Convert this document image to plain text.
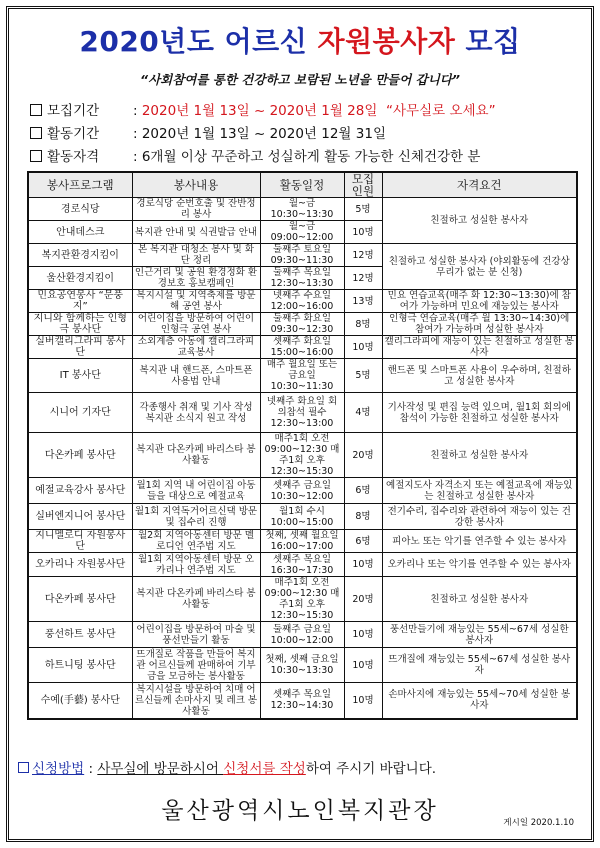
2020년도 어르신 자원봉사자 모집
“사회참여를 통한 건강하고 보람된 노년을 만들어 갑니다”
모집기간	: 2020년 1월 13일 ~ 2020년 1월 28일 “사무실로 오세요”
활동기간	: 2020년 1월 13일 ~ 2020년 12월 31일
활동자격	: 6개월 이상 꾸준하고 성실하게 활동 가능한 신체건강한 분
봉사프로그램	봉사내용	활동일정	모집인원	자격요건
경로식당	경로식당 순번호출 및 잔반정리 봉사	월~금 10:30~13:30	5명	친절하고 성실한 봉사자
안내데스크	복지관 안내 및 식권발급 안내	월~금 09:00~12:00	10명	
복지관환경지킴이	본 복지관 대청소 봉사 및 화단 정리	둘째주 토요일 09:30~11:30	12명	친절하고 성실한 봉사자 (야외활동에 건강상 무리가 없는 분 신청)
울산환경지킴이	인근거리 및 공원 환경정화 환경보호 홍보캠페인	둘째주 목요일 12:30~13:30	12명	
민요공연봉사 “문풍지”	복지시설 및 지역축제를 방문해 공연 봉사	넷째주 수요일 12:00~16:00	13명	민요 연습교육(매주 화 12:30~13:30)에 참여가 가능하며 민요에 재능있는 봉사자
지니와 함께하는 인형극 봉사단	어린이집을 방문하여 어린이 인형극 공연 봉사	둘째주 화요일 09:30~12:30	8명	인형극 연습교육(매주 월 13:30~14:30)에 참여가 가능하며 성실한 봉사자
실버캘리그라피 봉사단	소외계층 아동에 캘리그라피 교육봉사	셋째주 화요일 15:00~16:00	10명	캘리그라피에 재능이 있는 친절하고 성실한 봉사자
IT 봉사단	복지관 내 핸드폰, 스마트폰 사용법 안내	매주 월요일 또는 금요일 10:30~11:30	5명	핸드폰 및 스마트폰 사용이 우수하며, 친절하고 성실한 봉사자
시니어 기자단	각종행사 취재 및 기사 작성 복지관 소식지 원고 작성	넷째주 화요일 회의참석 필수 12:30~13:00	4명	기사작성 및 편집 능력 있으며, 월1회 회의에 참석이 가능한 친절하고 성실한 봉사자
다온카페 봉사단	복지관 다온카페 바리스타 봉사활동	매주1회 오전 09:00~12:30 매주1회 오후 12:30~15:30	20명	친절하고 성실한 봉사자
예절교육강사 봉사단	월1회 지역 내 어린이집 아동들을 대상으로 예절교육	셋째주 금요일 10:30~12:00	6명	예절지도사 자격소지 또는 예절교육에 재능있는 친절하고 성실한 봉사자
실버엔지니어 봉사단	월1회 지역독거어르신댁 방문 및 집수리 진행	월1회 수시 10:00~15:00	8명	전기수리, 집수리와 관련하여 재능이 있는 건강한 봉사자
지니멜로디 자원봉사단	월2회 지역아동센터 방문 멜로디언 연주법 지도	첫째, 셋째 월요일 16:00~17:00	6명	피아노 또는 악기를 연주할 수 있는 봉사자
오카리나 자원봉사단	월1회 지역아동센터 방문 오카리나 연주법 지도	셋째주 목요일 16:30~17:30	10명	오카리나 또는 악기를 연주할 수 있는 봉사자
다온카페 봉사단	복지관 다온카페 바리스타 봉사활동	매주1회 오전 09:00~12:30 매주1회 오후 12:30~15:30	20명	친절하고 성실한 봉사자
풍선하트 봉사단	어린이집을 방문하여 마술 및 풍선만들기 활동	둘째주 금요일 10:00~12:00	10명	풍선만들기에 재능있는 55세~67세 성실한 봉사자
하트니팅 봉사단	뜨개질로 작품을 만들어 복지관 어르신들께 판매하여 기부금을 모금하는 봉사활동	첫째, 셋째 금요일 10:30~13:30	10명	뜨개질에 재능있는 55세~67세 성실한 봉사자
수예(手藝) 봉사단	복지시설을 방문하여 치매 어르신들께 손마사지 및 레크 봉사활동	셋째주 목요일 12:30~14:30	10명	손마사지에 재능있는 55세~70세 성실한 봉사자
신청방법 : 사무실에 방문하시어 신청서를 작성하여 주시기 바랍니다.
울산광역시노인복지관장	게시일 2020.1.10
